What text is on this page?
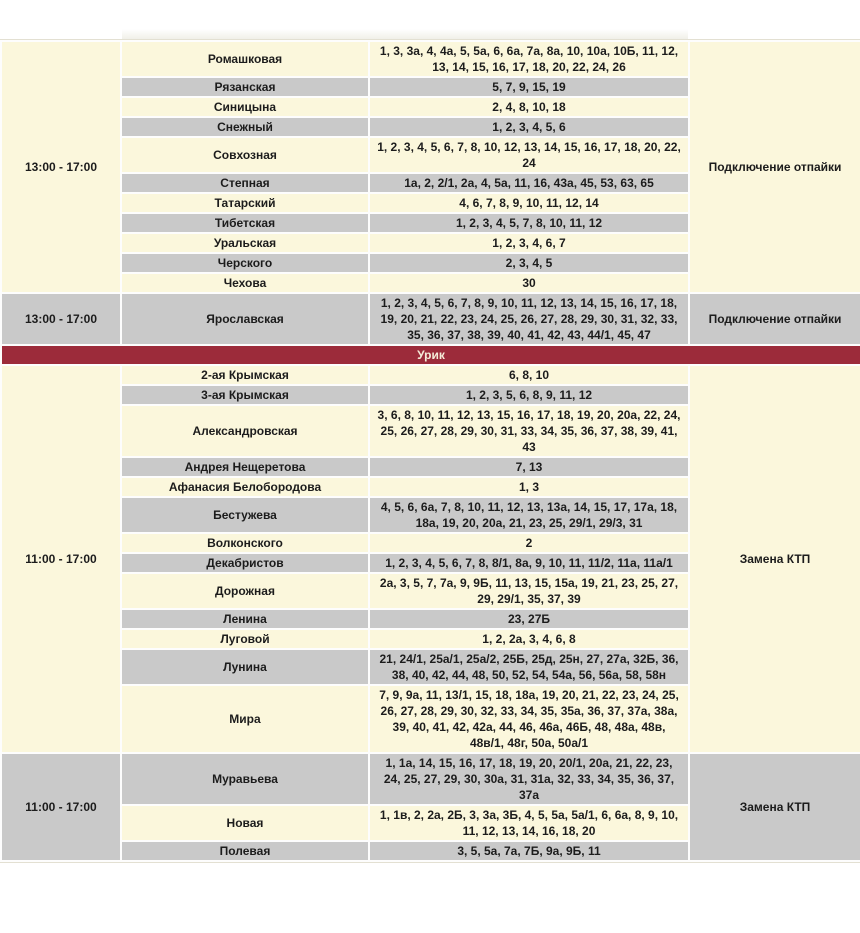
13:00 - 17:00	Ромашковая	1, 3, 3а, 4, 4а, 5, 5а, 6, 6а, 7а, 8а, 10, 10а, 10Б, 11, 12, 13, 14, 15, 16, 17, 18, 20, 22, 24, 26	Подключение отпайки
	Рязанская	5, 7, 9, 15, 19	
	Синицына	2, 4, 8, 10, 18	
	Снежный	1, 2, 3, 4, 5, 6	
	Совхозная	1, 2, 3, 4, 5, 6, 7, 8, 10, 12, 13, 14, 15, 16, 17, 18, 20, 22, 24	
	Степная	1а, 2, 2/1, 2а, 4, 5а, 11, 16, 43а, 45, 53, 63, 65	
	Татарский	4, 6, 7, 8, 9, 10, 11, 12, 14	
	Тибетская	1, 2, 3, 4, 5, 7, 8, 10, 11, 12	
	Уральская	1, 2, 3, 4, 6, 7	
	Черского	2, 3, 4, 5	
	Чехова	30	
13:00 - 17:00	Ярославская	1, 2, 3, 4, 5, 6, 7, 8, 9, 10, 11, 12, 13, 14, 15, 16, 17, 18, 19, 20, 21, 22, 23, 24, 25, 26, 27, 28, 29, 30, 31, 32, 33, 35, 36, 37, 38, 39, 40, 41, 42, 43, 44/1, 45, 47	Подключение отпайки
Урик			
11:00 - 17:00	2-ая Крымская	6, 8, 10	Замена КТП
	3-ая Крымская	1, 2, 3, 5, 6, 8, 9, 11, 12	
	Александровская	3, 6, 8, 10, 11, 12, 13, 15, 16, 17, 18, 19, 20, 20а, 22, 24, 25, 26, 27, 28, 29, 30, 31, 33, 34, 35, 36, 37, 38, 39, 41, 43	
	Андрея Нещеретова	7, 13	
	Афанасия Белобородова	1, 3	
	Бестужева	4, 5, 6, 6а, 7, 8, 10, 11, 12, 13, 13а, 14, 15, 17, 17а, 18, 18а, 19, 20, 20а, 21, 23, 25, 29/1, 29/3, 31	
	Волконского	2	
	Декабристов	1, 2, 3, 4, 5, 6, 7, 8, 8/1, 8а, 9, 10, 11, 11/2, 11а, 11а/1	
	Дорожная	2а, 3, 5, 7, 7а, 9, 9Б, 11, 13, 15, 15а, 19, 21, 23, 25, 27, 29, 29/1, 35, 37, 39	
	Ленина	23, 27Б	
	Луговой	1, 2, 2а, 3, 4, 6, 8	
	Лунина	21, 24/1, 25а/1, 25а/2, 25Б, 25д, 25н, 27, 27а, 32Б, 36, 38, 40, 42, 44, 48, 50, 52, 54, 54а, 56, 56а, 58, 58н	
	Мира	7, 9, 9а, 11, 13/1, 15, 18, 18а, 19, 20, 21, 22, 23, 24, 25, 26, 27, 28, 29, 30, 32, 33, 34, 35, 35а, 36, 37, 37а, 38а, 39, 40, 41, 42, 42а, 44, 46, 46а, 46Б, 48, 48а, 48в, 48в/1, 48г, 50а, 50а/1	
11:00 - 17:00	Муравьева	1, 1а, 14, 15, 16, 17, 18, 19, 20, 20/1, 20а, 21, 22, 23, 24, 25, 27, 29, 30, 30а, 31, 31а, 32, 33, 34, 35, 36, 37, 37а	Замена КТП
	Новая	1, 1в, 2, 2а, 2Б, 3, 3а, 3Б, 4, 5, 5а, 5а/1, 6, 6а, 8, 9, 10, 11, 12, 13, 14, 16, 18, 20	
	Полевая	3, 5, 5а, 7а, 7Б, 9а, 9Б, 11	
